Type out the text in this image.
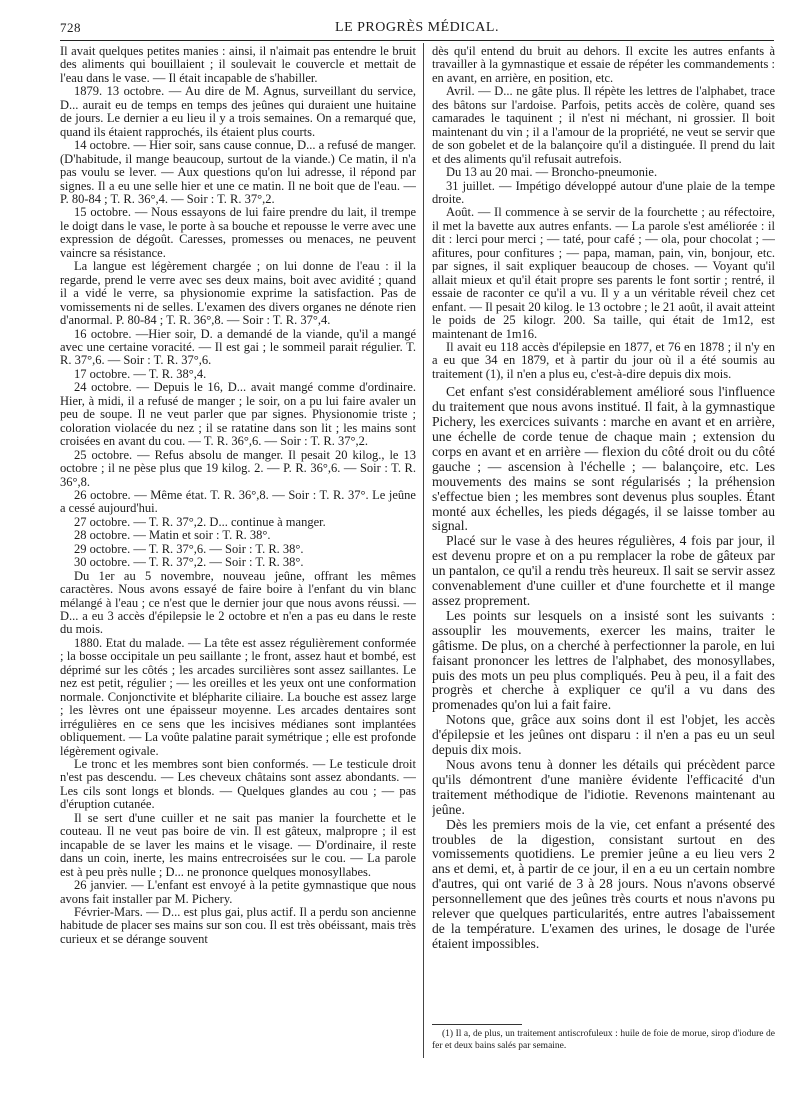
728	LE PROGRÈS MÉDICAL.

Il avait quelques petites manies : ainsi, il n'aimait pas entendre le bruit des aliments qui bouillaient ; il soulevait le couvercle et mettait de l'eau dans le vase. — Il était incapable de s'habiller.

1879. 13 octobre. — Au dire de M. Agnus, surveillant du service, D... aurait eu de temps en temps des jeûnes qui duraient une huitaine de jours. Le dernier a eu lieu il y a trois semaines. On a remarqué que, quand ils étaient rapprochés, ils étaient plus courts.

14 octobre. — Hier soir, sans cause connue, D... a refusé de manger. (D'habitude, il mange beaucoup, surtout de la viande.) Ce matin, il n'a pas voulu se lever. — Aux questions qu'on lui adresse, il répond par signes. Il a eu une selle hier et une ce matin. Il ne boit que de l'eau. — P. 80-84 ; T. R. 36°,4. — Soir : T. R. 37°,2.

15 octobre. — Nous essayons de lui faire prendre du lait, il trempe le doigt dans le vase, le porte à sa bouche et repousse le verre avec une expression de dégoût. Caresses, promesses ou menaces, ne peuvent vaincre sa résistance.

La langue est légèrement chargée ; on lui donne de l'eau : il la regarde, prend le verre avec ses deux mains, boit avec avidité ; quand il a vidé le verre, sa physionomie exprime la satisfaction. Pas de vomissements ni de selles. L'examen des divers organes ne dénote rien d'anormal. P. 80-84 ; T. R. 36°,8. — Soir : T. R. 37°,4.

16 octobre. —Hier soir, D. a demandé de la viande, qu'il a mangé avec une certaine voracité. — Il est gai ; le sommeil parait régulier. T. R. 37°,6. — Soir : T. R. 37°,6.

17 octobre. — T. R. 38°,4.

24 octobre. — Depuis le 16, D... avait mangé comme d'ordinaire. Hier, à midi, il a refusé de manger ; le soir, on a pu lui faire avaler un peu de soupe. Il ne veut parler que par signes. Physionomie triste ; coloration violacée du nez ; il se ratatine dans son lit ; les mains sont croisées en avant du cou. — T. R. 36°,6. — Soir : T. R. 37°,2.

25 octobre. — Refus absolu de manger. Il pesait 20 kilog., le 13 octobre ; il ne pèse plus que 19 kilog. 2. — P. R. 36°,6. — Soir : T. R. 36°,8.

26 octobre. — Même état. T. R. 36°,8. — Soir : T. R. 37°. Le jeûne a cessé aujourd'hui.

27 octobre. — T. R. 37°,2. D... continue à manger.

28 octobre. — Matin et soir : T. R. 38°.

29 octobre. — T. R. 37°,6. — Soir : T. R. 38°.

30 octobre. — T. R. 37°,2. — Soir : T. R. 38°.

Du 1er au 5 novembre, nouveau jeûne, offrant les mêmes caractères. Nous avons essayé de faire boire à l'enfant du vin blanc mélangé à l'eau ; ce n'est que le dernier jour que nous avons réussi. — D... a eu 3 accès d'épilepsie le 2 octobre et n'en a pas eu dans le reste du mois.

1880. Etat du malade. — La tête est assez régulièrement conformée ; la bosse occipitale un peu saillante ; le front, assez haut et bombé, est déprimé sur les côtés ; les arcades surcilières sont assez saillantes. Le nez est petit, régulier ; — les oreilles et les yeux ont une conformation normale. Conjonctivite et blépharite ciliaire. La bouche est assez large ; les lèvres ont une épaisseur moyenne. Les arcades dentaires sont irrégulières en ce sens que les incisives médianes sont implantées obliquement. — La voûte palatine parait symétrique ; elle est profonde légèrement ogivale.

Le tronc et les membres sont bien conformés. — Le testicule droit n'est pas descendu. — Les cheveux châtains sont assez abondants. — Les cils sont longs et blonds. — Quelques glandes au cou ; — pas d'éruption cutanée.

Il se sert d'une cuiller et ne sait pas manier la fourchette et le couteau. Il ne veut pas boire de vin. Il est gâteux, malpropre ; il est incapable de se laver les mains et le visage. — D'ordinaire, il reste dans un coin, inerte, les mains entrecroisées sur le cou. — La parole est à peu près nulle ; D... ne prononce quelques monosyllabes.

26 janvier. — L'enfant est envoyé à la petite gymnastique que nous avons fait installer par M. Pichery.

Février-Mars. — D... est plus gai, plus actif. Il a perdu son ancienne habitude de placer ses mains sur son cou. Il est très obéissant, mais très curieux et se dérange souvent

dès qu'il entend du bruit au dehors. Il excite les autres enfants à travailler à la gymnastique et essaie de répéter les commandements : en avant, en arrière, en position, etc.

Avril. — D... ne gâte plus. Il répète les lettres de l'alphabet, trace des bâtons sur l'ardoise. Parfois, petits accès de colère, quand ses camarades le taquinent ; il n'est ni méchant, ni grossier. Il boit maintenant du vin ; il a l'amour de la propriété, ne veut se servir que de son gobelet et de la balançoire qu'il a distinguée. Il prend du lait et des aliments qu'il refusait autrefois.

Du 13 au 20 mai. — Broncho-pneumonie.

31 juillet. — Impétigo développé autour d'une plaie de la tempe droite.

Août. — Il commence à se servir de la fourchette ; au réfectoire, il met la bavette aux autres enfants. — La parole s'est améliorée : il dit : lerci pour merci ; — taté, pour café ; — ola, pour chocolat ; — afitures, pour confitures ; — papa, maman, pain, vin, bonjour, etc. par signes, il sait expliquer beaucoup de choses. — Voyant qu'il allait mieux et qu'il était propre ses parents le font sortir ; rentré, il essaie de raconter ce qu'il a vu. Il y a un véritable réveil chez cet enfant. — Il pesait 20 kilog. le 13 octobre ; le 21 août, il avait atteint le poids de 25 kilogr. 200. Sa taille, qui était de 1m12, est maintenant de 1m16.

Il avait eu 118 accès d'épilepsie en 1877, et 76 en 1878 ; il n'y en a eu que 34 en 1879, et à partir du jour où il a été soumis au traitement (1), il n'en a plus eu, c'est-à-dire depuis dix mois.

Cet enfant s'est considérablement amélioré sous l'influence du traitement que nous avons institué. Il fait, à la gymnastique Pichery, les exercices suivants : marche en avant et en arrière, une échelle de corde tenue de chaque main ; extension du corps en avant et en arrière — flexion du côté droit ou du côté gauche ; — ascension à l'échelle ; — balançoire, etc. Les mouvements des mains se sont régularisés ; la préhension s'effectue bien ; les membres sont devenus plus souples. Étant monté aux échelles, les pieds dégagés, il se laisse tomber au signal.

Placé sur le vase à des heures régulières, 4 fois par jour, il est devenu propre et on a pu remplacer la robe de gâteux par un pantalon, ce qu'il a rendu très heureux. Il sait se servir assez convenablement d'une cuiller et d'une fourchette et il mange assez proprement.

Les points sur lesquels on a insisté sont les suivants : assouplir les mouvements, exercer les mains, traiter le gâtisme. De plus, on a cherché à perfectionner la parole, en lui faisant prononcer les lettres de l'alphabet, des monosyllabes, puis des mots un peu plus compliqués. Peu à peu, il a fait des progrès et cherche à expliquer ce qu'il a vu dans des promenades qu'on lui a fait faire.

Notons que, grâce aux soins dont il est l'objet, les accès d'épilepsie et les jeûnes ont disparu : il n'en a pas eu un seul depuis dix mois.

Nous avons tenu à donner les détails qui précèdent parce qu'ils démontrent d'une manière évidente l'efficacité d'un traitement méthodique de l'idiotie. Revenons maintenant au jeûne.

Dès les premiers mois de la vie, cet enfant a présenté des troubles de la digestion, consistant surtout en des vomissements quotidiens. Le premier jeûne a eu lieu vers 2 ans et demi, et, à partir de ce jour, il en a eu un certain nombre d'autres, qui ont varié de 3 à 28 jours. Nous n'avons observé personnellement que des jeûnes très courts et nous n'avons pu relever que quelques particularités, entre autres l'abaissement de la température. L'examen des urines, le dosage de l'urée étaient impossibles.

(1) Il a, de plus, un traitement antiscrofuleux : huile de foie de morue, sirop d'iodure de fer et deux bains salés par semaine.
